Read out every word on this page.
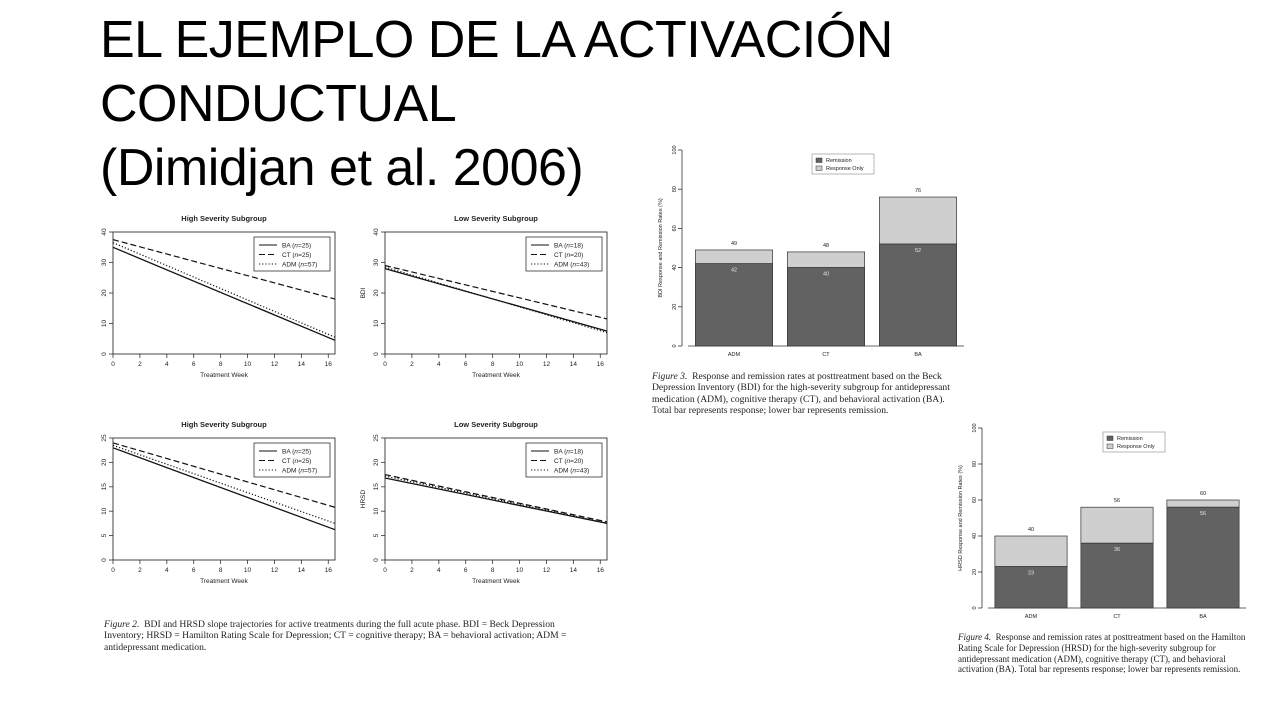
EL EJEMPLO DE LA ACTIVACIÓN
CONDUCTUAL
(Dimidjan et al. 2006)
High Severity Subgroup
0
10
20
30
40
0	2	4	6	8	10	12	14	16
Treatment Week
BA (n=25)
CT (n=25)
ADM (n=57)
Low Severity Subgroup
0
10
20
30
40
0	2	4	6	8	10	12	14	16
Treatment Week
BDI
BA (n=18)
CT (n=20)
ADM (n=43)
High Severity Subgroup
0
5
10
15
20
25
0	2	4	6	8	10	12	14	16
Treatment Week
BA (n=25)
CT (n=25)
ADM (n=57)
Low Severity Subgroup
0
5
10
15
20
25
0	2	4	6	8	10	12	14	16
Treatment Week
HRSD
BA (n=18)
CT (n=20)
ADM (n=43)
Figure 2. BDI and HRSD slope trajectories for active treatments during the full acute phase. BDI = Beck Depression Inventory; HRSD = Hamilton Rating Scale for Depression; CT = cognitive therapy; BA = behavioral activation; ADM = antidepressant medication.
0
20
40
60
80
100
BDI Response and Remission Rates (%)	49
42
ADM
48
40
CT
76
52
BA
Remission
Response Only
Figure 3. Response and remission rates at posttreatment based on the Beck Depression Inventory (BDI) for the high-severity subgroup for antidepressant medication (ADM), cognitive therapy (CT), and behavioral activation (BA). Total bar represents response; lower bar represents remission.
0
20
40
60
80
100
HRSD Response and Remission Rates (%)	40
23
ADM
56
36
CT
60
56
BA
Remission
Response Only
Figure 4. Response and remission rates at posttreatment based on the Hamilton Rating Scale for Depression (HRSD) for the high-severity subgroup for antidepressant medication (ADM), cognitive therapy (CT), and behavioral activation (BA). Total bar represents response; lower bar represents remission.
